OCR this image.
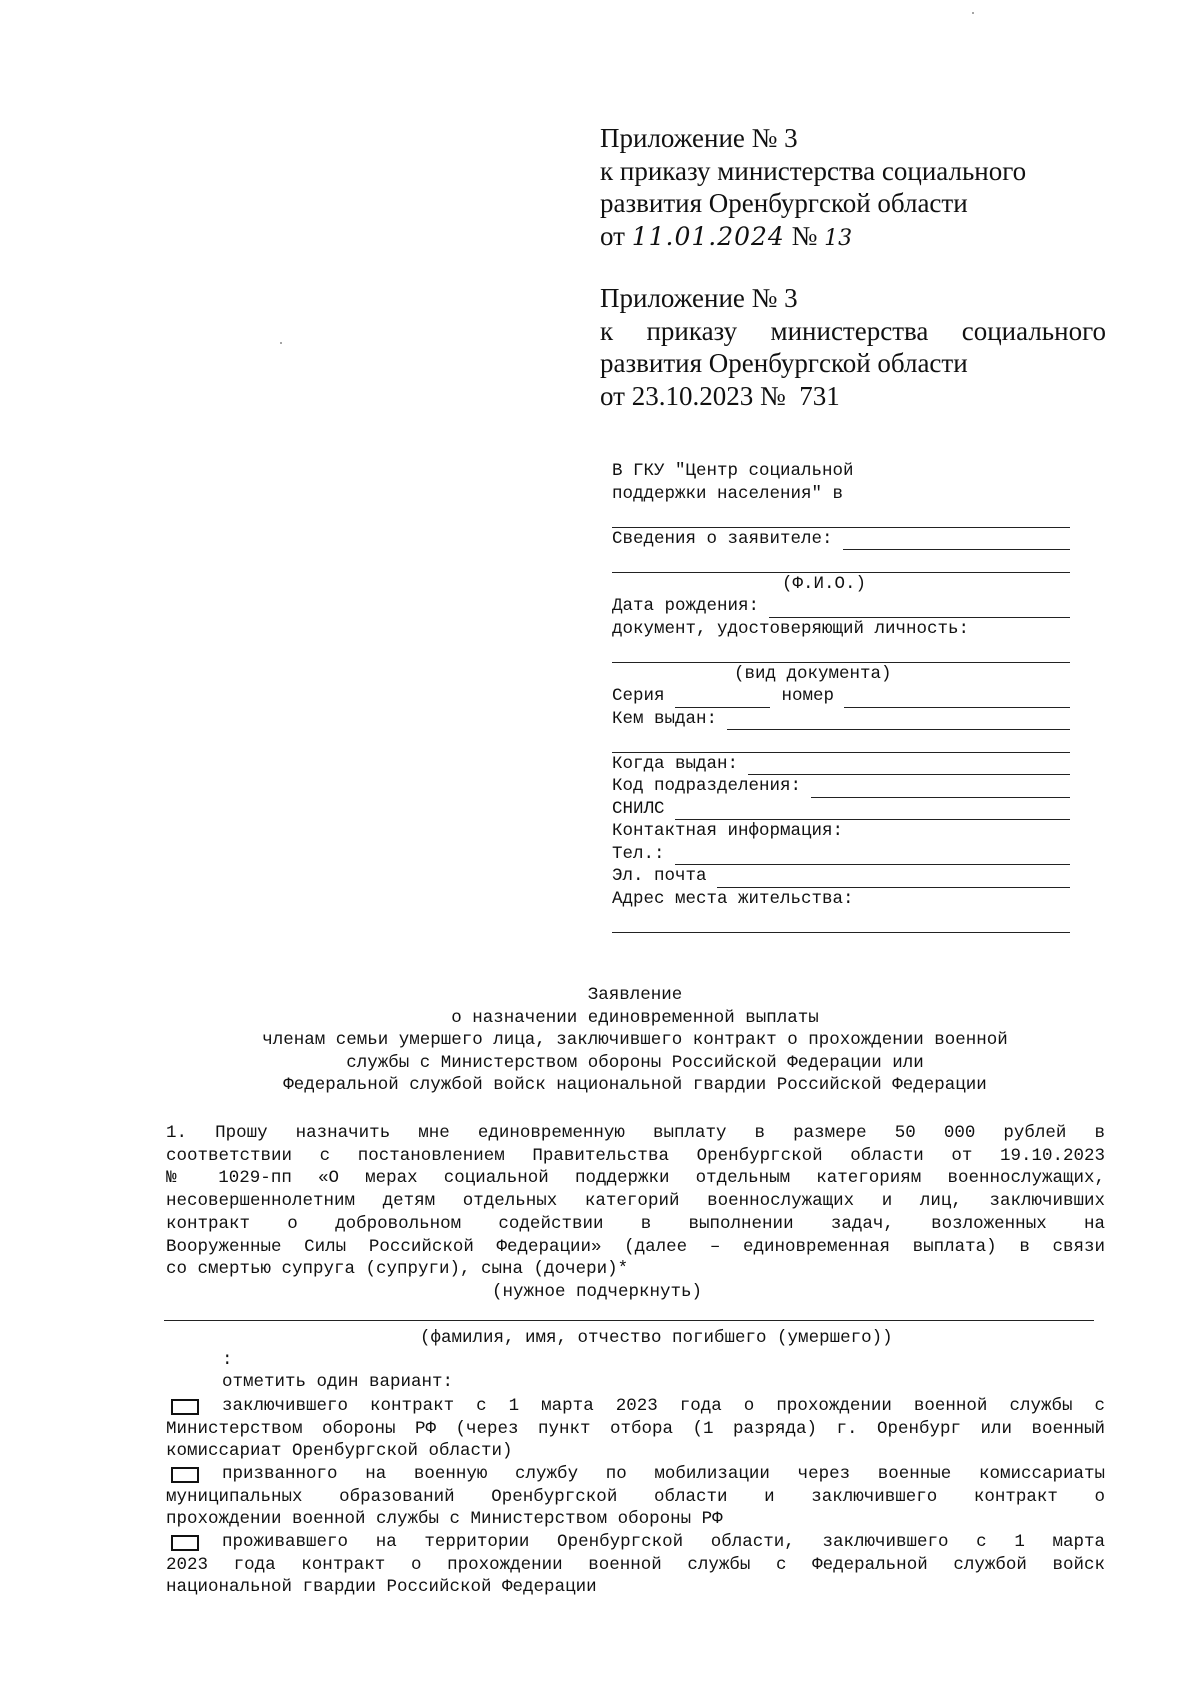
Приложение № 3
к приказу министерства социального
развития Оренбургской области
от 11.01.2024 № 13
Приложение № 3
к приказу министерства социального
развития Оренбургской области
от 23.10.2023 №  731
В ГКУ "Центр социальной
поддержки населения" в
Сведения о заявителе:
(Ф.И.О.)
Дата рождения:
документ, удостоверяющий личность:
(вид документа)
Серия	номер
Кем выдан:
Когда выдан:
Код подразделения:
СНИЛС
Контактная информация:
Тел.:
Эл. почта
Адрес места жительства:
Заявление
о назначении единовременной выплаты
членам семьи умершего лица, заключившего контракт о прохождении военной
службы с Министерством обороны Российской Федерации или
Федеральной службой войск национальной гвардии Российской Федерации
1. Прошу назначить мне единовременную выплату в размере 50 000 рублей в
соответствии с постановлением Правительства Оренбургской области от 19.10.2023
№ 1029-пп «О мерах социальной поддержки отдельным категориям военнослужащих,
несовершеннолетним детям отдельных категорий военнослужащих и лиц, заключивших
контракт о добровольном содействии в выполнении задач, возложенных на
Вооруженные Силы Российской Федерации» (далее – единовременная выплата) в связи
со смертью супруга (супруги), сына (дочери)*
(нужное подчеркнуть)
(фамилия, имя, отчество погибшего (умершего))
:
отметить один вариант:
заключившего контракт с 1 марта 2023 года о прохождении военной службы с
Министерством обороны РФ (через пункт отбора (1 разряда) г. Оренбург или военный
комиссариат Оренбургской области)
призванного на военную службу по мобилизации через военные комиссариаты
муниципальных образований Оренбургской области и заключившего контракт о
прохождении военной службы с Министерством обороны РФ
проживавшего на территории Оренбургской области, заключившего с 1 марта
2023 года контракт о прохождении военной службы с Федеральной службой войск
национальной гвардии Российской Федерации
